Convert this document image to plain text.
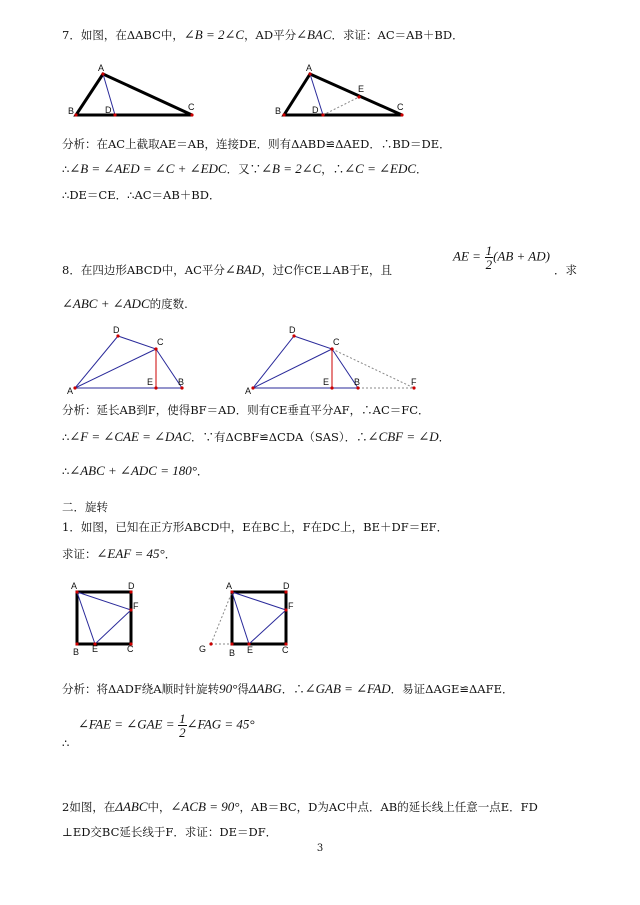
7．如图，在ΔABC中，∠B = 2∠C，AD平分∠BAC．求证：AC＝AB＋BD．
A
B	D	C
A
B	D
E
C
分析：在AC上截取AE＝AB，连接DE．则有ΔABD≌ΔAED．∴BD＝DE．
∴∠B = ∠AED = ∠C + ∠EDC．又∵∠B = 2∠C，∴∠C = ∠EDC．
∴DE＝CE．∴AC＝AB＋BD．
AE = $\frac{1}{2} (AB + AD)$
8．在四边形ABCD中，AC平分∠BAD，过C作CE⊥AB于E，且	．求
∠ABC + ∠ADC的度数.
D
C
A
E	B
D
C
A
E	B	F
分析：延长AB到F，使得BF＝AD．则有CE垂直平分AF，∴AC＝FC．
∴∠F = ∠CAE = ∠DAC．∵有ΔCBF≌ΔCDA（SAS）．∴∠CBF = ∠D．
∴∠ABC + ∠ADC = 180°．
二．旋转
1．如图，已知在正方形ABCD中，E在BC上，F在DC上，BE＋DF＝EF．
求证：∠EAF = 45°．
A	D
F
B E	C
A	D
F
G	B E	C
分析：将ΔADF绕A顺时针旋转90°得ΔABG．∴∠GAB = ∠FAD．易证ΔAGE≌ΔAFE．
∴
∠FAE = ∠GAE = $\frac{1}{2}$ ∠FAG = 45°
2如图，在ΔABC中，∠ACB = 90°，AB＝BC，D为AC中点．AB的延长线上任意一点E．FD
⊥ED交BC延长线于F．求证：DE＝DF．
3
